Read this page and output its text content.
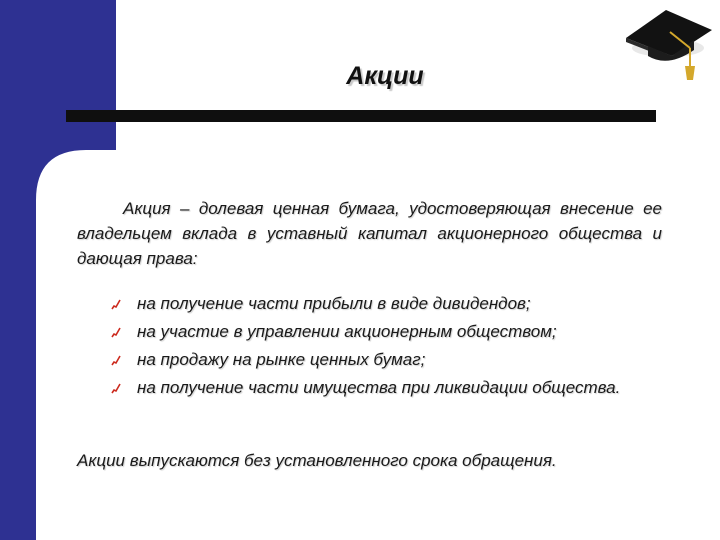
Акции
Акция – долевая ценная бумага, удостоверяющая внесение ее владельцем вклада в уставный капитал акционерного общества и дающая права:
на получение части прибыли в виде дивидендов;
на участие в управлении акционерным обществом;
на продажу на рынке ценных бумаг;
на получение части имущества при ликвидации общества.
Акции выпускаются без установленного срока обращения.
